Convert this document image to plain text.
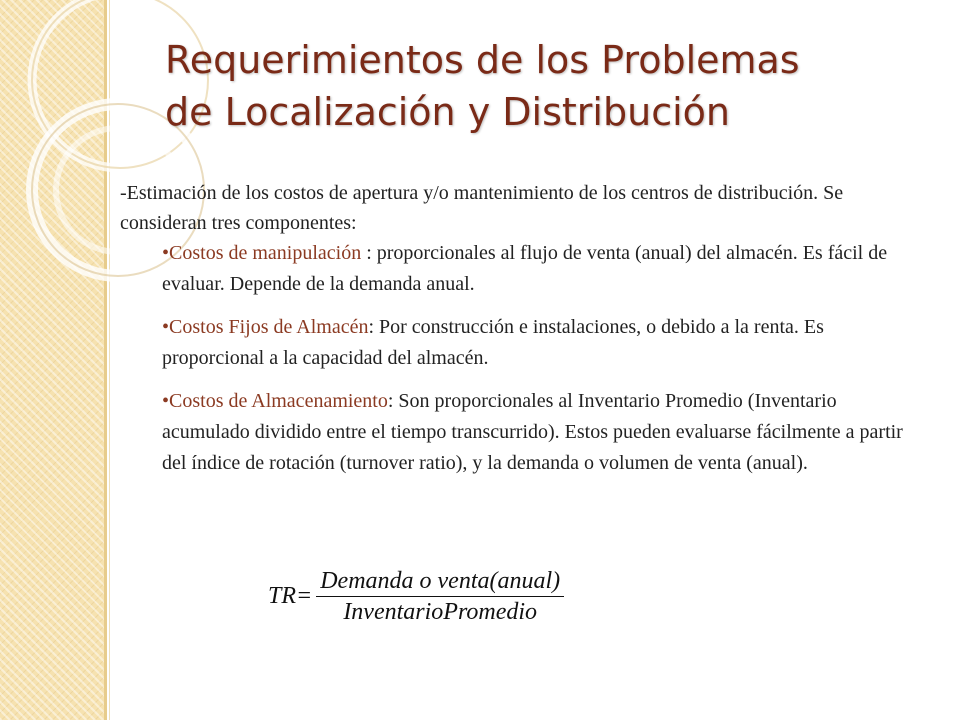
Requerimientos de los Problemas
de Localización y Distribución

-Estimación de los costos de apertura y/o mantenimiento de los centros de distribución. Se consideran tres componentes:

•Costos de manipulación : proporcionales al flujo de venta (anual) del almacén. Es fácil de evaluar. Depende de la demanda anual.

•Costos Fijos de Almacén: Por construcción e instalaciones, o debido a la renta. Es proporcional a la capacidad del almacén.

•Costos de Almacenamiento: Son proporcionales al Inventario Promedio (Inventario acumulado dividido entre el tiempo transcurrido). Estos pueden evaluarse fácilmente a partir del índice de rotación (turnover ratio), y la demanda o volumen de venta (anual).

$TR= \frac{\text{Demanda o venta(anual)}}{\text{InventarioPromedio}}$
